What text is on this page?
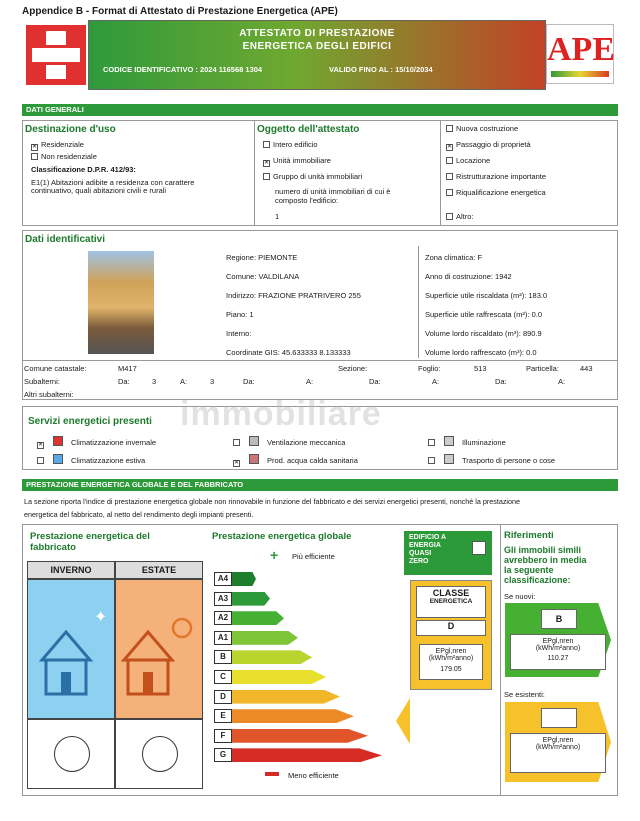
Appendice B - Format di Attestato di Prestazione Energetica (APE)
ATTESTATO DI PRESTAZIONE
ENERGETICA DEGLI EDIFICI
CODICE IDENTIFICATIVO : 2024 116568 1304	VALIDO FINO AL : 15/10/2034
APE
DATI GENERALI
Destinazione d'uso
✕ Residenziale
Non residenziale
Classificazione D.P.R. 412/93:
E1(1) Abitazioni adibite a residenza con carattere
continuativo, quali abitazioni civili e rurali
Oggetto dell'attestato
Intero edificio
✕ Unità immobiliare
Gruppo di unità immobiliari
numero di unità immobiliari di cui è
composto l'edificio:
1
Nuova costruzione
✕ Passaggio di proprietà
Locazione
Ristrutturazione importante
Riqualificazione energetica
Altro:
Dati identificativi
Regione: PIEMONTE
Comune: VALDILANA
Indirizzo: FRAZIONE PRATRIVERO 255
Piano: 1
Interno:
Coordinate GIS: 45.633333 8.133333
Zona climatica: F
Anno di costruzione: 1942
Superficie utile riscaldata (m²): 183.0
Superficie utile raffrescata (m²): 0.0
Volume lordo riscaldato (m³): 890.9
Volume lordo raffrescato (m³): 0.0
Comune catastale:	M417	Sezione:	Foglio:	513	Particella:	443
Subalterni:	Da:	3	A:	3	Da:	A:	Da:	A:	Da:	A:
Altri subalterni:
Servizi energetici presenti immobiliare
✕	Climatizzazione invernale
Climatizzazione estiva
Ventilazione meccanica
✕	Prod. acqua calda sanitaria
Illuminazione
Trasporto di persone o cose
PRESTAZIONE ENERGETICA GLOBALE E DEL FABBRICATO
La sezione riporta l'indice di prestazione energetica globale non rinnovabile in funzione del fabbricato e dei servizi energetici presenti, nonché la prestazione
energetica del fabbricato, al netto del rendimento degli impianti presenti.
Prestazione energetica del
fabbricato
INVERNO	ESTATE
✦
Prestazione energetica globale
+ Più efficiente
A4
A3
A2
A1
B
C
D
E
F
G
Meno efficiente
EDIFICIO A
ENERGIA
QUASI
ZERO
CLASSE
ENERGETICA
D
EPgl,nren
(kWh/m²anno)
179.05
Riferimenti
Gli immobili simili
avrebbero in media
la seguente
classificazione:
Se nuovi:
B
EPgl,nren
(kWh/m²anno)
110.27
Se esistenti:
EPgl,nren
(kWh/m²anno)
